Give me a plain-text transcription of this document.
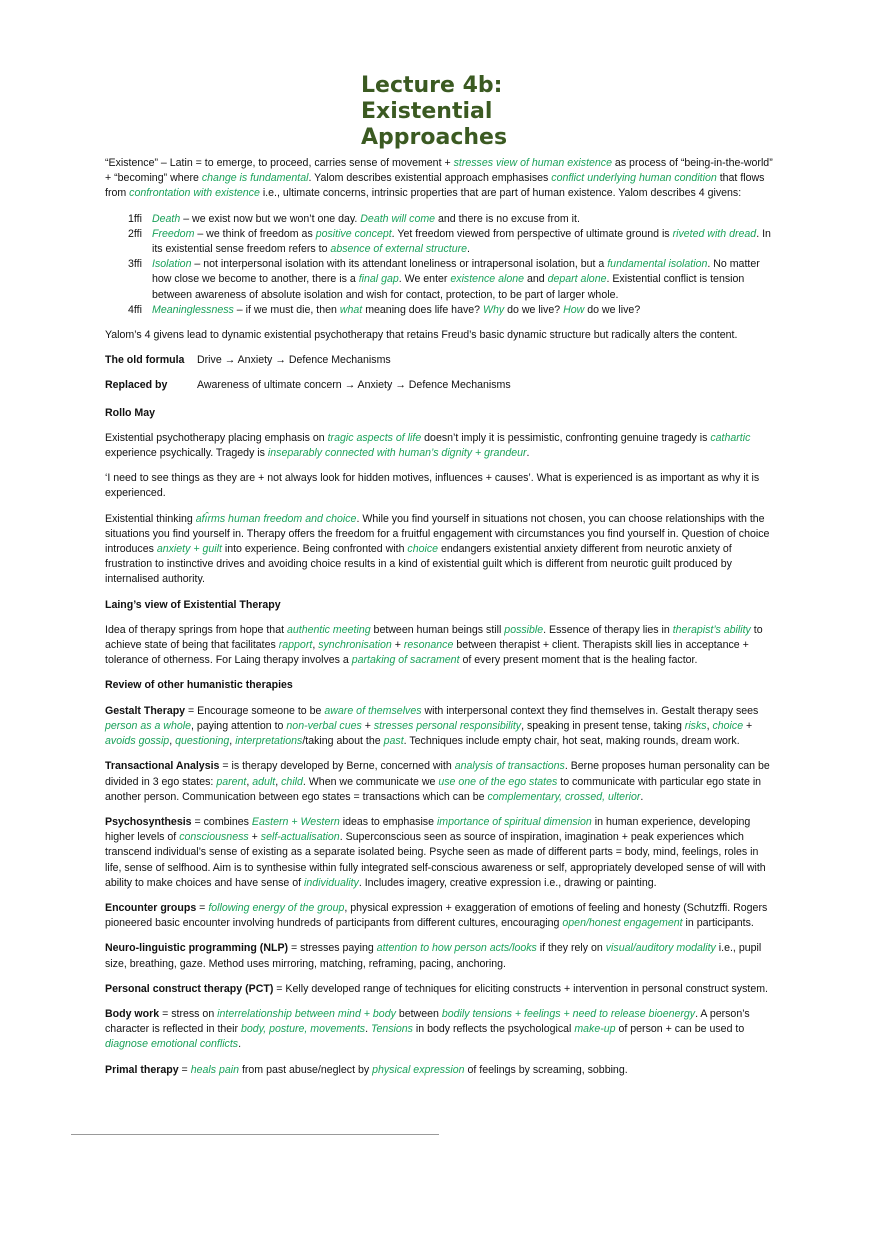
Lecture 4b:
Existential
Approaches

“Existence” – Latin = to emerge, to proceed, carries sense of movement + stresses view of human existence as process of “being-in-the-world” + “becoming” where change is fundamental. Yalom describes existential approach emphasises conflict underlying human condition that flows from confrontation with existence i.e., ultimate concerns, intrinsic properties that are part of human existence. Yalom describes 4 givens:

1ffi Death – we exist now but we won’t one day. Death will come and there is no excuse from it.
2ffi Freedom – we think of freedom as positive concept. Yet freedom viewed from perspective of ultimate ground is riveted with dread. In its existential sense freedom refers to absence of external structure.
3ffi Isolation – not interpersonal isolation with its attendant loneliness or intrapersonal isolation, but a fundamental isolation. No matter how close we become to another, there is a final gap. We enter existence alone and depart alone. Existential conflict is tension between awareness of absolute isolation and wish for contact, protection, to be part of larger whole.
4ffi Meaninglessness – if we must die, then what meaning does life have? Why do we live? How do we live?

Yalom’s 4 givens lead to dynamic existential psychotherapy that retains Freud’s basic dynamic structure but radically alters the content.

The old formula	Drive → Anxiety → Defence Mechanisms
Replaced by	Awareness of ultimate concern → Anxiety → Defence Mechanisms

Rollo May

Existential psychotherapy placing emphasis on tragic aspects of life doesn’t imply it is pessimistic, confronting genuine tragedy is cathartic experience psychically. Tragedy is inseparably connected with human’s dignity + grandeur.

‘I need to see things as they are + not always look for hidden motives, influences + causes’. What is experienced is as important as why it is experienced.

Existential thinking afı̂rms human freedom and choice. While you find yourself in situations not chosen, you can choose relationships with the situations you find yourself in. Therapy offers the freedom for a fruitful engagement with circumstances you find yourself in. Question of choice introduces anxiety + guilt into experience. Being confronted with choice endangers existential anxiety different from neurotic anxiety of frustration to instinctive drives and avoiding choice results in a kind of existential guilt which is different from neurotic guilt produced by internalised authority.

Laing’s view of Existential Therapy

Idea of therapy springs from hope that authentic meeting between human beings still possible. Essence of therapy lies in therapist’s ability to achieve state of being that facilitates rapport, synchronisation + resonance between therapist + client. Therapists skill lies in acceptance + tolerance of otherness. For Laing therapy involves a partaking of sacrament of every present moment that is the healing factor.

Review of other humanistic therapies

Gestalt Therapy = Encourage someone to be aware of themselves with interpersonal context they find themselves in. Gestalt therapy sees person as a whole, paying attention to non-verbal cues + stresses personal responsibility, speaking in present tense, taking risks, choice + avoids gossip, questioning, interpretations/taking about the past. Techniques include empty chair, hot seat, making rounds, dream work.

Transactional Analysis = is therapy developed by Berne, concerned with analysis of transactions. Berne proposes human personality can be divided in 3 ego states: parent, adult, child. When we communicate we use one of the ego states to communicate with particular ego state in another person. Communication between ego states = transactions which can be complementary, crossed, ulterior.

Psychosynthesis = combines Eastern + Western ideas to emphasise importance of spiritual dimension in human experience, developing higher levels of consciousness + self-actualisation. Superconscious seen as source of inspiration, imagination + peak experiences which transcend individual’s sense of existing as a separate isolated being. Psyche seen as made of different parts = body, mind, feelings, roles in life, sense of selfhood. Aim is to synthesise within fully integrated self-conscious awareness or self, appropriately developed sense of will with ability to make choices and have sense of individuality. Includes imagery, creative expression i.e., drawing or painting.

Encounter groups = following energy of the group, physical expression + exaggeration of emotions of feeling and honesty (Schutzffi. Rogers pioneered basic encounter involving hundreds of participants from different cultures, encouraging open/honest engagement in participants.

Neuro-linguistic programming (NLP) = stresses paying attention to how person acts/looks if they rely on visual/auditory modality i.e., pupil size, breathing, gaze. Method uses mirroring, matching, reframing, pacing, anchoring.

Personal construct therapy (PCT) = Kelly developed range of techniques for eliciting constructs + intervention in personal construct system.

Body work = stress on interrelationship between mind + body between bodily tensions + feelings + need to release bioenergy. A person’s character is reflected in their body, posture, movements. Tensions in body reflects the psychological make-up of person + can be used to diagnose emotional conflicts.

Primal therapy = heals pain from past abuse/neglect by physical expression of feelings by screaming, sobbing.
